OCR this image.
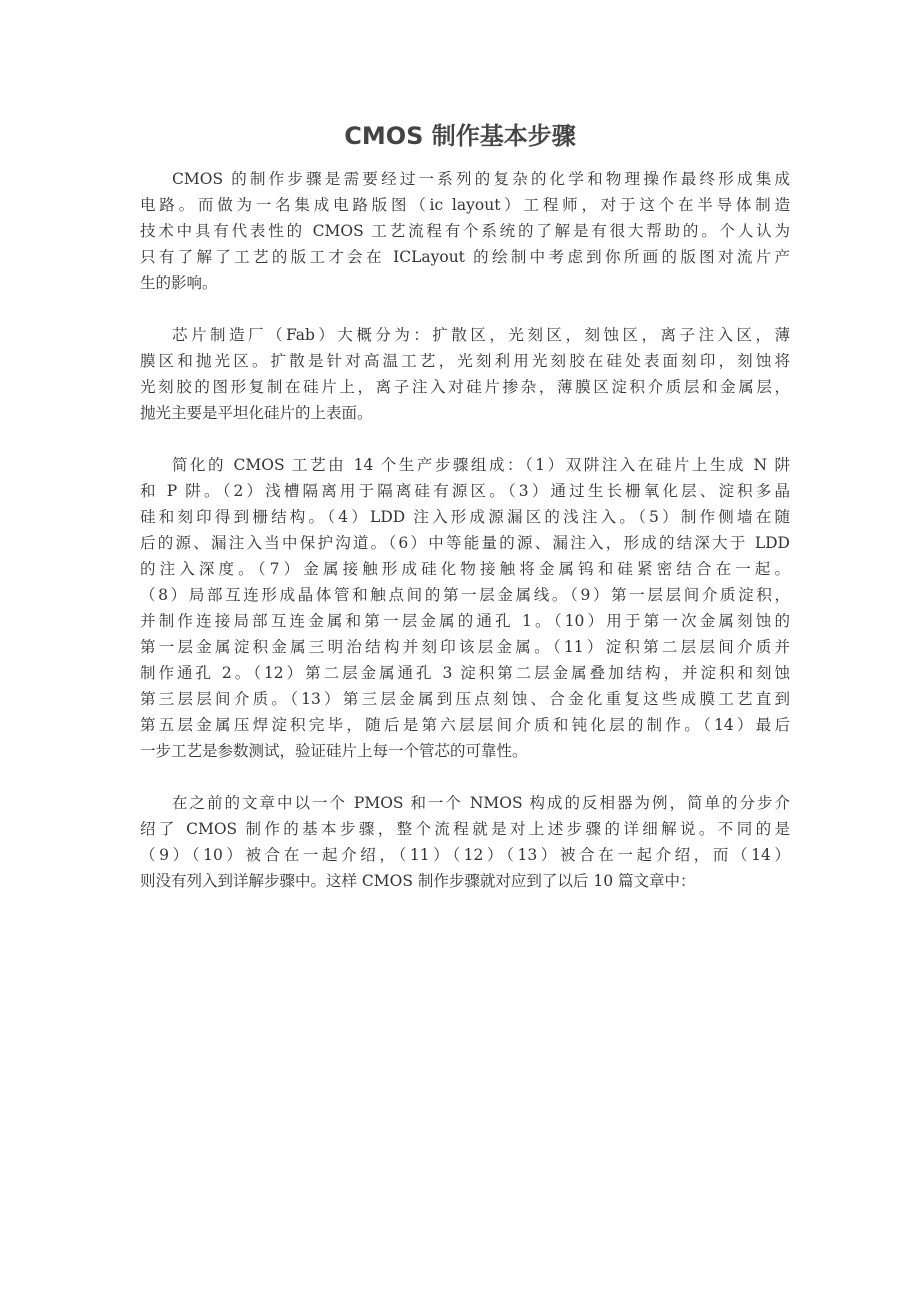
CMOS 制作基本步骤
CMOS 的制作步骤是需要经过一系列的复杂的化学和物理操作最终形成集成
电路。而做为一名集成电路版图（ic layout）工程师，对于这个在半导体制造
技术中具有代表性的 CMOS 工艺流程有个系统的了解是有很大帮助的。个人认为
只有了解了工艺的版工才会在 ICLayout 的绘制中考虑到你所画的版图对流片产
生的影响。
芯片制造厂（Fab）大概分为：扩散区，光刻区，刻蚀区，离子注入区，薄
膜区和抛光区。扩散是针对高温工艺，光刻利用光刻胶在硅处表面刻印，刻蚀将
光刻胶的图形复制在硅片上，离子注入对硅片掺杂，薄膜区淀积介质层和金属层，
抛光主要是平坦化硅片的上表面。
简化的 CMOS 工艺由 14 个生产步骤组成：（1）双阱注入在硅片上生成 N 阱
和 P 阱。（2）浅槽隔离用于隔离硅有源区。（3）通过生长栅氧化层、淀积多晶
硅和刻印得到栅结构。（4）LDD 注入形成源漏区的浅注入。（5）制作侧墙在随
后的源、漏注入当中保护沟道。（6）中等能量的源、漏注入，形成的结深大于 LDD
的注入深度。（7）金属接触形成硅化物接触将金属钨和硅紧密结合在一起。
（8）局部互连形成晶体管和触点间的第一层金属线。（9）第一层层间介质淀积，
并制作连接局部互连金属和第一层金属的通孔 1。（10）用于第一次金属刻蚀的
第一层金属淀积金属三明治结构并刻印该层金属。（11）淀积第二层层间介质并
制作通孔 2。（12）第二层金属通孔 3 淀积第二层金属叠加结构，并淀积和刻蚀
第三层层间介质。（13）第三层金属到压点刻蚀、合金化重复这些成膜工艺直到
第五层金属压焊淀积完毕，随后是第六层层间介质和钝化层的制作。（14）最后
一步工艺是参数测试，验证硅片上每一个管芯的可靠性。
在之前的文章中以一个 PMOS 和一个 NMOS 构成的反相器为例，简单的分步介
绍了 CMOS 制作的基本步骤，整个流程就是对上述步骤的详细解说。不同的是
（9）（10）被合在一起介绍，（11）（12）（13）被合在一起介绍，而（14）
则没有列入到详解步骤中。这样 CMOS 制作步骤就对应到了以后 10 篇文章中：
